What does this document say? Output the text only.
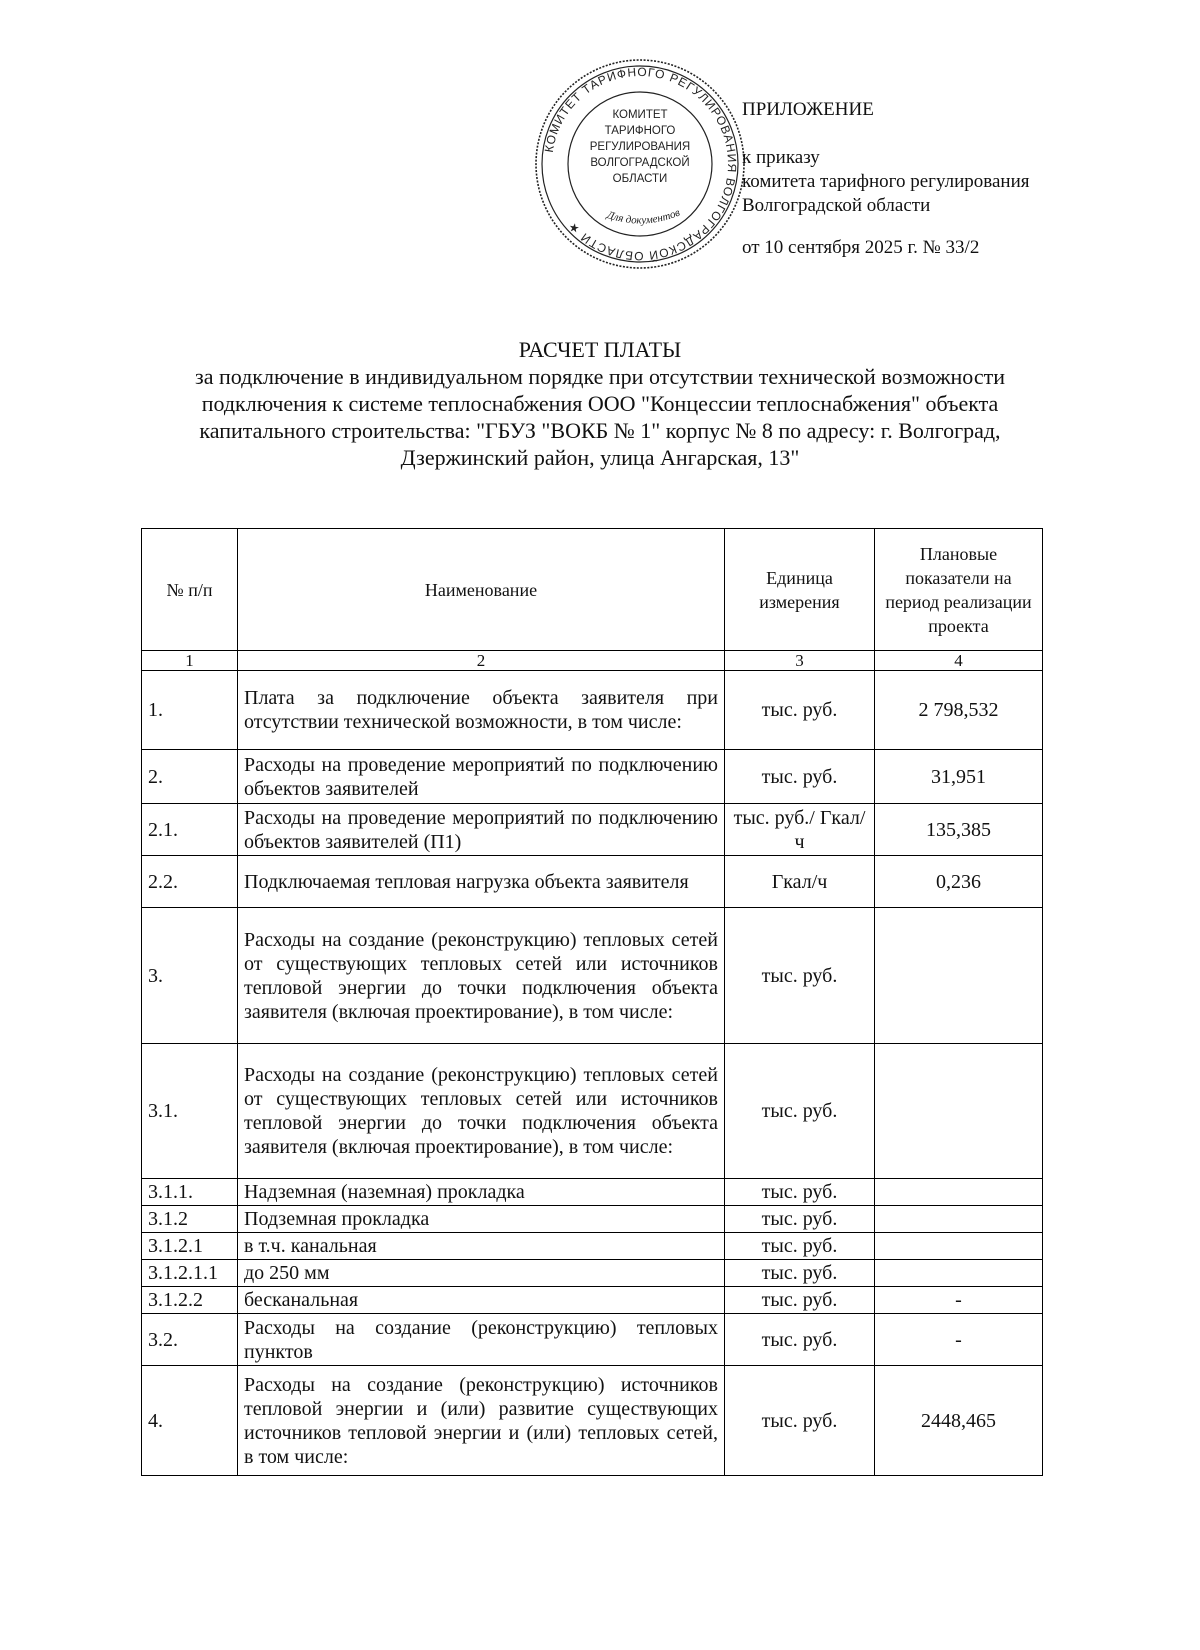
КОМИТЕТ ТАРИФНОГО РЕГУЛИРОВАНИЯ ВОЛГОГРАДСКОЙ ОБЛАСТИ ★
КОМИТЕТ
ТАРИФНОГО
РЕГУЛИРОВАНИЯ
ВОЛГОГРАДСКОЙ
ОБЛАСТИ
Для документов
ПРИЛОЖЕНИЕ
к приказу
комитета тарифного регулирования
Волгоградской области
от 10 сентября 2025 г. № 33/2
РАСЧЕТ ПЛАТЫ
за подключение в индивидуальном порядке при отсутствии технической возможности подключения к системе теплоснабжения ООО "Концессии теплоснабжения" объекта капитального строительства: "ГБУЗ "ВОКБ № 1" корпус № 8 по адресу: г. Волгоград, Дзержинский район, улица Ангарская, 13"
№ п/п	Наименование	Единица измерения	Плановые показатели на период реализации проекта
1	2	3	4
1.	Плата за подключение объекта заявителя при отсутствии технической возможности, в том числе:	тыс. руб.	2 798,532
2.	Расходы на проведение мероприятий по подключению объектов заявителей	тыс. руб.	31,951
2.1.	Расходы на проведение мероприятий по подключению объектов заявителей (П1)	тыс. руб./ Гкал/ч	135,385
2.2.	Подключаемая тепловая нагрузка объекта заявителя	Гкал/ч	0,236
3.	Расходы на создание (реконструкцию) тепловых сетей от существующих тепловых сетей или источников тепловой энергии до точки подключения объекта заявителя (включая проектирование), в том числе:	тыс. руб.	
3.1.	Расходы на создание (реконструкцию) тепловых сетей от существующих тепловых сетей или источников тепловой энергии до точки подключения объекта заявителя (включая проектирование), в том числе:	тыс. руб.	
3.1.1.	Надземная (наземная) прокладка	тыс. руб.	
3.1.2	Подземная прокладка	тыс. руб.	
3.1.2.1	в т.ч. канальная	тыс. руб.	
3.1.2.1.1	до 250 мм	тыс. руб.	
3.1.2.2	бесканальная	тыс. руб.	-
3.2.	Расходы на создание (реконструкцию) тепловых пунктов	тыс. руб.	-
4.	Расходы на создание (реконструкцию) источников тепловой энергии и (или) развитие существующих источников тепловой энергии и (или) тепловых сетей, в том числе:	тыс. руб.	2448,465
